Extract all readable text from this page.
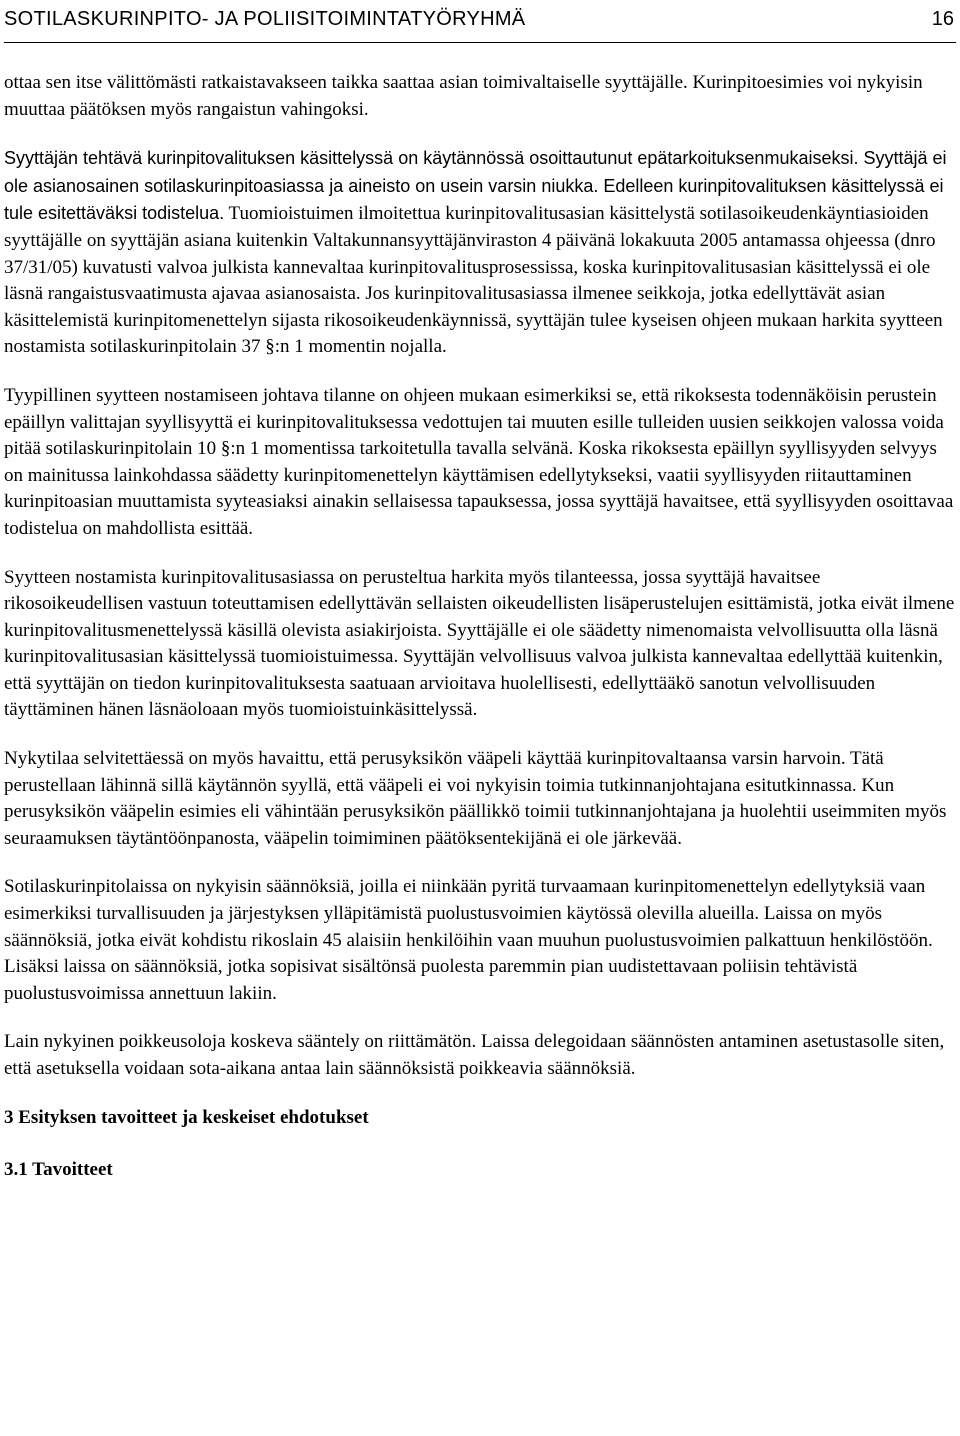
SOTILASKURINPITO- JA POLIISITOIMINTATYÖRYHMÄ	16

ottaa sen itse välittömästi ratkaistavakseen taikka saattaa asian toimivaltaiselle syyttäjälle. Kurinpitoesimies voi nykyisin muuttaa päätöksen myös rangaistun vahingoksi.

Syyttäjän tehtävä kurinpitovalituksen käsittelyssä on käytännössä osoittautunut epätarkoituksenmukaiseksi. Syyttäjä ei ole asianosainen sotilaskurinpitoasiassa ja aineisto on usein varsin niukka. Edelleen kurinpitovalituksen käsittelyssä ei tule esitettäväksi todistelua. Tuomioistuimen ilmoitettua kurinpitovalitusasian käsittelystä sotilasoikeudenkäyntiasioiden syyttäjälle on syyttäjän asiana kuitenkin Valtakunnansyyttäjänviraston 4 päivänä lokakuuta 2005 antamassa ohjeessa (dnro 37/31/05) kuvatusti valvoa julkista kannevaltaa kurinpitovalitusprosessissa, koska kurinpitovalitusasian käsittelyssä ei ole läsnä rangaistusvaatimusta ajavaa asianosaista. Jos kurinpitovalitusasiassa ilmenee seikkoja, jotka edellyttävät asian käsittelemistä kurinpitomenettelyn sijasta rikosoikeudenkäynnissä, syyttäjän tulee kyseisen ohjeen mukaan harkita syytteen nostamista sotilaskurinpitolain 37 §:n 1 momentin nojalla.

Tyypillinen syytteen nostamiseen johtava tilanne on ohjeen mukaan esimerkiksi se, että rikoksesta todennäköisin perustein epäillyn valittajan syyllisyyttä ei kurinpitovalituksessa vedottujen tai muuten esille tulleiden uusien seikkojen valossa voida pitää sotilaskurinpitolain 10 §:n 1 momentissa tarkoitetulla tavalla selvänä. Koska rikoksesta epäillyn syyllisyyden selvyys on mainitussa lainkohdassa säädetty kurinpitomenettelyn käyttämisen edellytykseksi, vaatii syyllisyyden riitauttaminen kurinpitoasian muuttamista syyteasiaksi ainakin sellaisessa tapauksessa, jossa syyttäjä havaitsee, että syyllisyyden osoittavaa todistelua on mahdollista esittää.

Syytteen nostamista kurinpitovalitusasiassa on perusteltua harkita myös tilanteessa, jossa syyttäjä havaitsee rikosoikeudellisen vastuun toteuttamisen edellyttävän sellaisten oikeudellisten lisäperustelujen esittämistä, jotka eivät ilmene kurinpitovalitusmenettelyssä käsillä olevista asiakirjoista. Syyttäjälle ei ole säädetty nimenomaista velvollisuutta olla läsnä kurinpitovalitusasian käsittelyssä tuomioistuimessa. Syyttäjän velvollisuus valvoa julkista kannevaltaa edellyttää kuitenkin, että syyttäjän on tiedon kurinpitovalituksesta saatuaan arvioitava huolellisesti, edellyttääkö sanotun velvollisuuden täyttäminen hänen läsnäoloaan myös tuomioistuinkäsittelyssä.

Nykytilaa selvitettäessä on myös havaittu, että perusyksikön vääpeli käyttää kurinpitovaltaansa varsin harvoin. Tätä perustellaan lähinnä sillä käytännön syyllä, että vääpeli ei voi nykyisin toimia tutkinnanjohtajana esitutkinnassa. Kun perusyksikön vääpelin esimies eli vähintään perusyksikön päällikkö toimii tutkinnanjohtajana ja huolehtii useimmiten myös seuraamuksen täytäntöönpanosta, vääpelin toimiminen päätöksentekijänä ei ole järkevää.

Sotilaskurinpitolaissa on nykyisin säännöksiä, joilla ei niinkään pyritä turvaamaan kurinpitomenettelyn edellytyksiä vaan esimerkiksi turvallisuuden ja järjestyksen ylläpitämistä puolustusvoimien käytössä olevilla alueilla. Laissa on myös säännöksiä, jotka eivät kohdistu rikoslain 45 alaisiin henkilöihin vaan muuhun puolustusvoimien palkattuun henkilöstöön. Lisäksi laissa on säännöksiä, jotka sopisivat sisältönsä puolesta paremmin pian uudistettavaan poliisin tehtävistä puolustusvoimissa annettuun lakiin.

Lain nykyinen poikkeusoloja koskeva sääntely on riittämätön. Laissa delegoidaan säännösten antaminen asetustasolle siten, että asetuksella voidaan sota-aikana antaa lain säännöksistä poikkeavia säännöksiä.

3 Esityksen tavoitteet ja keskeiset ehdotukset
3.1 Tavoitteet
